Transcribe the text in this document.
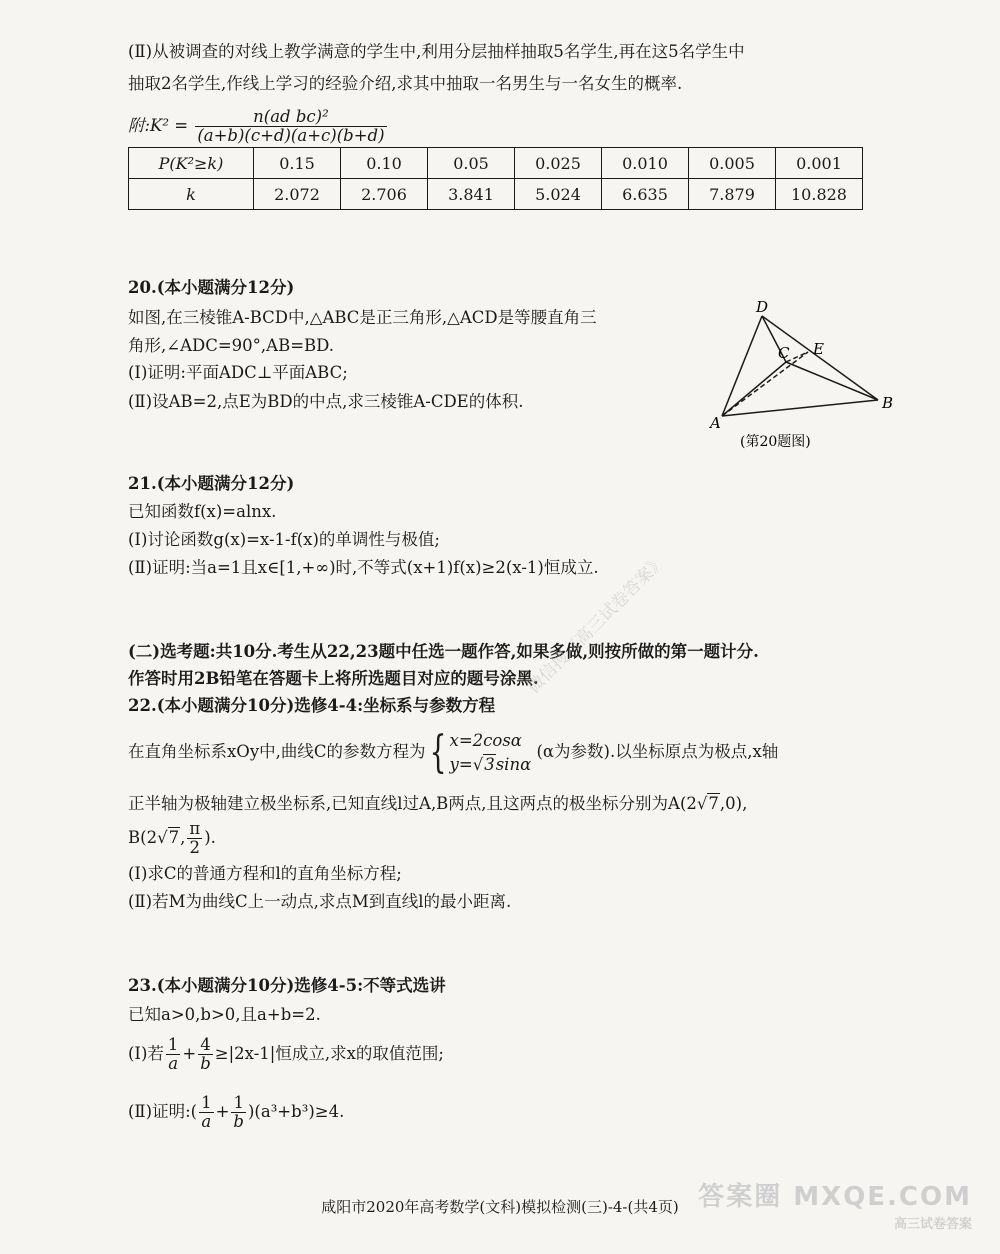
(Ⅱ)从被调查的对线上教学满意的学生中,利用分层抽样抽取5名学生,再在这5名学生中
抽取2名学生,作线上学习的经验介绍,求其中抽取一名男生与一名女生的概率.
附:K² = $\frac{\text{n(ad bc)²}}{(a+b)(c+d)(a+c)(b+d)}$
P(K²≥k)	0.15	0.10	0.05	0.025	0.010	0.005	0.001
k	2.072	2.706	3.841	5.024	6.635	7.879	10.828
20.(本小题满分12分)
如图,在三棱锥A-BCD中,△ABC是正三角形,△ACD是等腰直角三
角形,∠ADC=90°,AB=BD.
(Ⅰ)证明:平面ADC⊥平面ABC;
(Ⅱ)设AB=2,点E为BD的中点,求三棱锥A-CDE的体积.
D
C E
A
B
(第20题图)
21.(本小题满分12分)
已知函数f(x)=alnx.
(Ⅰ)讨论函数g(x)=x-1-f(x)的单调性与极值;
(Ⅱ)证明:当a=1且x∈[1,+∞)时,不等式(x+1)f(x)≥2(x-1)恒成立.
(二)选考题:共10分.考生从22,23题中任选一题作答,如果多做,则按所做的第一题计分.
作答时用2B铅笔在答题卡上将所选题目对应的题号涂黑.
22.(本小题满分10分)选修4-4:坐标系与参数方程
在直角坐标系xOy中,曲线C的参数方程为{ x=2cosα
y=√3sinα
(α为参数).以坐标原点为极点,x轴
正半轴为极轴建立极坐标系,已知直线l过A,B两点,且这两点的极坐标分别为A(2√7,0),
B(2√7, $\frac{\pi}{2}$ ).
(Ⅰ)求C的普通方程和l的直角坐标方程;
(Ⅱ)若M为曲线C上一动点,求点M到直线l的最小距离.
23.(本小题满分10分)选修4-5:不等式选讲
已知a>0,b>0,且a+b=2.
(Ⅰ)若 $\frac{1}{a} + \frac{4}{b} \ge|2x-1|$恒成立,求x的取值范围;
(Ⅱ)证明:( $\frac{1}{a} + \frac{1}{b} )(a^3+b^3)\ge 4$.
微信搜《高三试卷答案》
咸阳市2020年高考数学(文科)模拟检测(三)-4-(共4页) 答案圈 MXQE.COM
高三试卷答案
